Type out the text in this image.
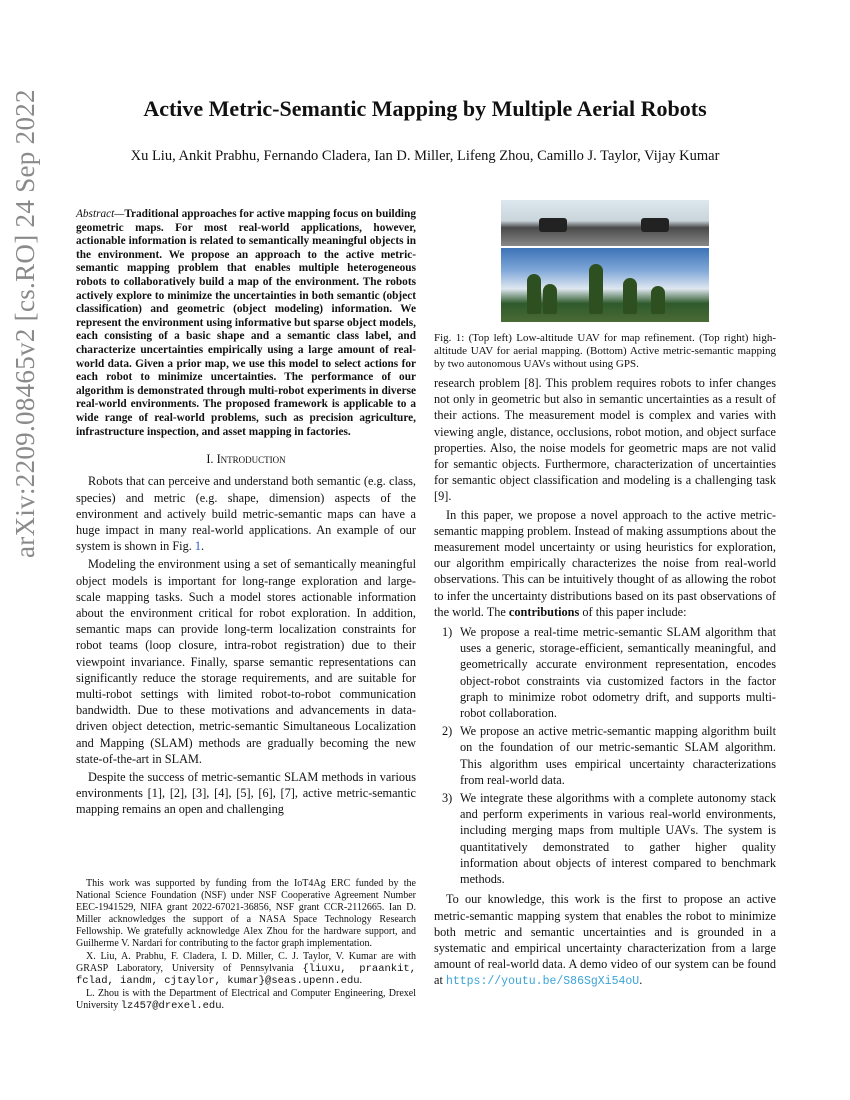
arXiv:2209.08465v2 [cs.RO] 24 Sep 2022	Active Metric-Semantic Mapping by Multiple Aerial Robots
Xu Liu, Ankit Prabhu, Fernando Cladera, Ian D. Miller, Lifeng Zhou, Camillo J. Taylor, Vijay Kumar
Abstract—Traditional approaches for active mapping focus on building geometric maps. For most real-world applications, however, actionable information is related to semantically meaningful objects in the environment. We propose an approach to the active metric-semantic mapping problem that enables multiple heterogeneous robots to collaboratively build a map of the environment. The robots actively explore to minimize the uncertainties in both semantic (object classification) and geometric (object modeling) information. We represent the environment using informative but sparse object models, each consisting of a basic shape and a semantic class label, and characterize uncertainties empirically using a large amount of real-world data. Given a prior map, we use this model to select actions for each robot to minimize uncertainties. The performance of our algorithm is demonstrated through multi-robot experiments in diverse real-world environments. The proposed framework is applicable to a wide range of real-world problems, such as precision agriculture, infrastructure inspection, and asset mapping in factories.
I. Introduction

Robots that can perceive and understand both semantic (e.g. class, species) and metric (e.g. shape, dimension) aspects of the environment and actively build metric-semantic maps can have a huge impact in many real-world applications. An example of our system is shown in Fig. 1.

Modeling the environment using a set of semantically meaningful object models is important for long-range exploration and large-scale mapping tasks. Such a model stores actionable information about the environment critical for robot exploration. In addition, semantic maps can provide long-term localization constraints for robot teams (loop closure, intra-robot registration) due to their viewpoint invariance. Finally, sparse semantic representations can significantly reduce the storage requirements, and are suitable for multi-robot settings with limited robot-to-robot communication bandwidth. Due to these motivations and advancements in data-driven object detection, metric-semantic Simultaneous Localization and Mapping (SLAM) methods are gradually becoming the new state-of-the-art in SLAM.

Despite the success of metric-semantic SLAM methods in various environments [1], [2], [3], [4], [5], [6], [7], active metric-semantic mapping remains an open and challenging

This work was supported by funding from the IoT4Ag ERC funded by the National Science Foundation (NSF) under NSF Cooperative Agreement Number EEC-1941529, NIFA grant 2022-67021-36856, NSF grant CCR-2112665. Ian D. Miller acknowledges the support of a NASA Space Technology Research Fellowship. We gratefully acknowledge Alex Zhou for the hardware support, and Guilherme V. Nardari for contributing to the factor graph implementation.

X. Liu, A. Prabhu, F. Cladera, I. D. Miller, C. J. Taylor, V. Kumar are with GRASP Laboratory, University of Pennsylvania {liuxu, praankit, fclad, iandm, cjtaylor, kumar}@seas.upenn.edu.

L. Zhou is with the Department of Electrical and Computer Engineering, Drexel University lz457@drexel.edu.

Fig. 1: (Top left) Low-altitude UAV for map refinement. (Top right) high-altitude UAV for aerial mapping. (Bottom) Active metric-semantic mapping by two autonomous UAVs without using GPS.

research problem [8]. This problem requires robots to infer changes not only in geometric but also in semantic uncertainties as a result of their actions. The measurement model is complex and varies with viewing angle, distance, occlusions, robot motion, and object surface properties. Also, the noise models for geometric maps are not valid for semantic objects. Furthermore, characterization of uncertainties for semantic object classification and modeling is a challenging task [9].

In this paper, we propose a novel approach to the active metric-semantic mapping problem. Instead of making assumptions about the measurement model uncertainty or using heuristics for exploration, our algorithm empirically characterizes the noise from real-world observations. This can be intuitively thought of as allowing the robot to infer the uncertainty distributions based on its past observations of the world. The contributions of this paper include:

1) We propose a real-time metric-semantic SLAM algorithm that uses a generic, storage-efficient, semantically meaningful, and geometrically accurate environment representation, encodes object-robot constraints via customized factors in the factor graph to minimize robot odometry drift, and supports multi-robot collaboration.
2) We propose an active metric-semantic mapping algorithm built on the foundation of our metric-semantic SLAM algorithm. This algorithm uses empirical uncertainty characterizations from real-world data.
3) We integrate these algorithms with a complete autonomy stack and perform experiments in various real-world environments, including merging maps from multiple UAVs. The system is quantitatively demonstrated to gather higher quality information about objects of interest compared to benchmark methods.

To our knowledge, this work is the first to propose an active metric-semantic mapping system that enables the robot to minimize both metric and semantic uncertainties and is grounded in a systematic and empirical uncertainty characterization from a large amount of real-world data. A demo video of our system can be found at https://youtu.be/S86SgXi54oU.
